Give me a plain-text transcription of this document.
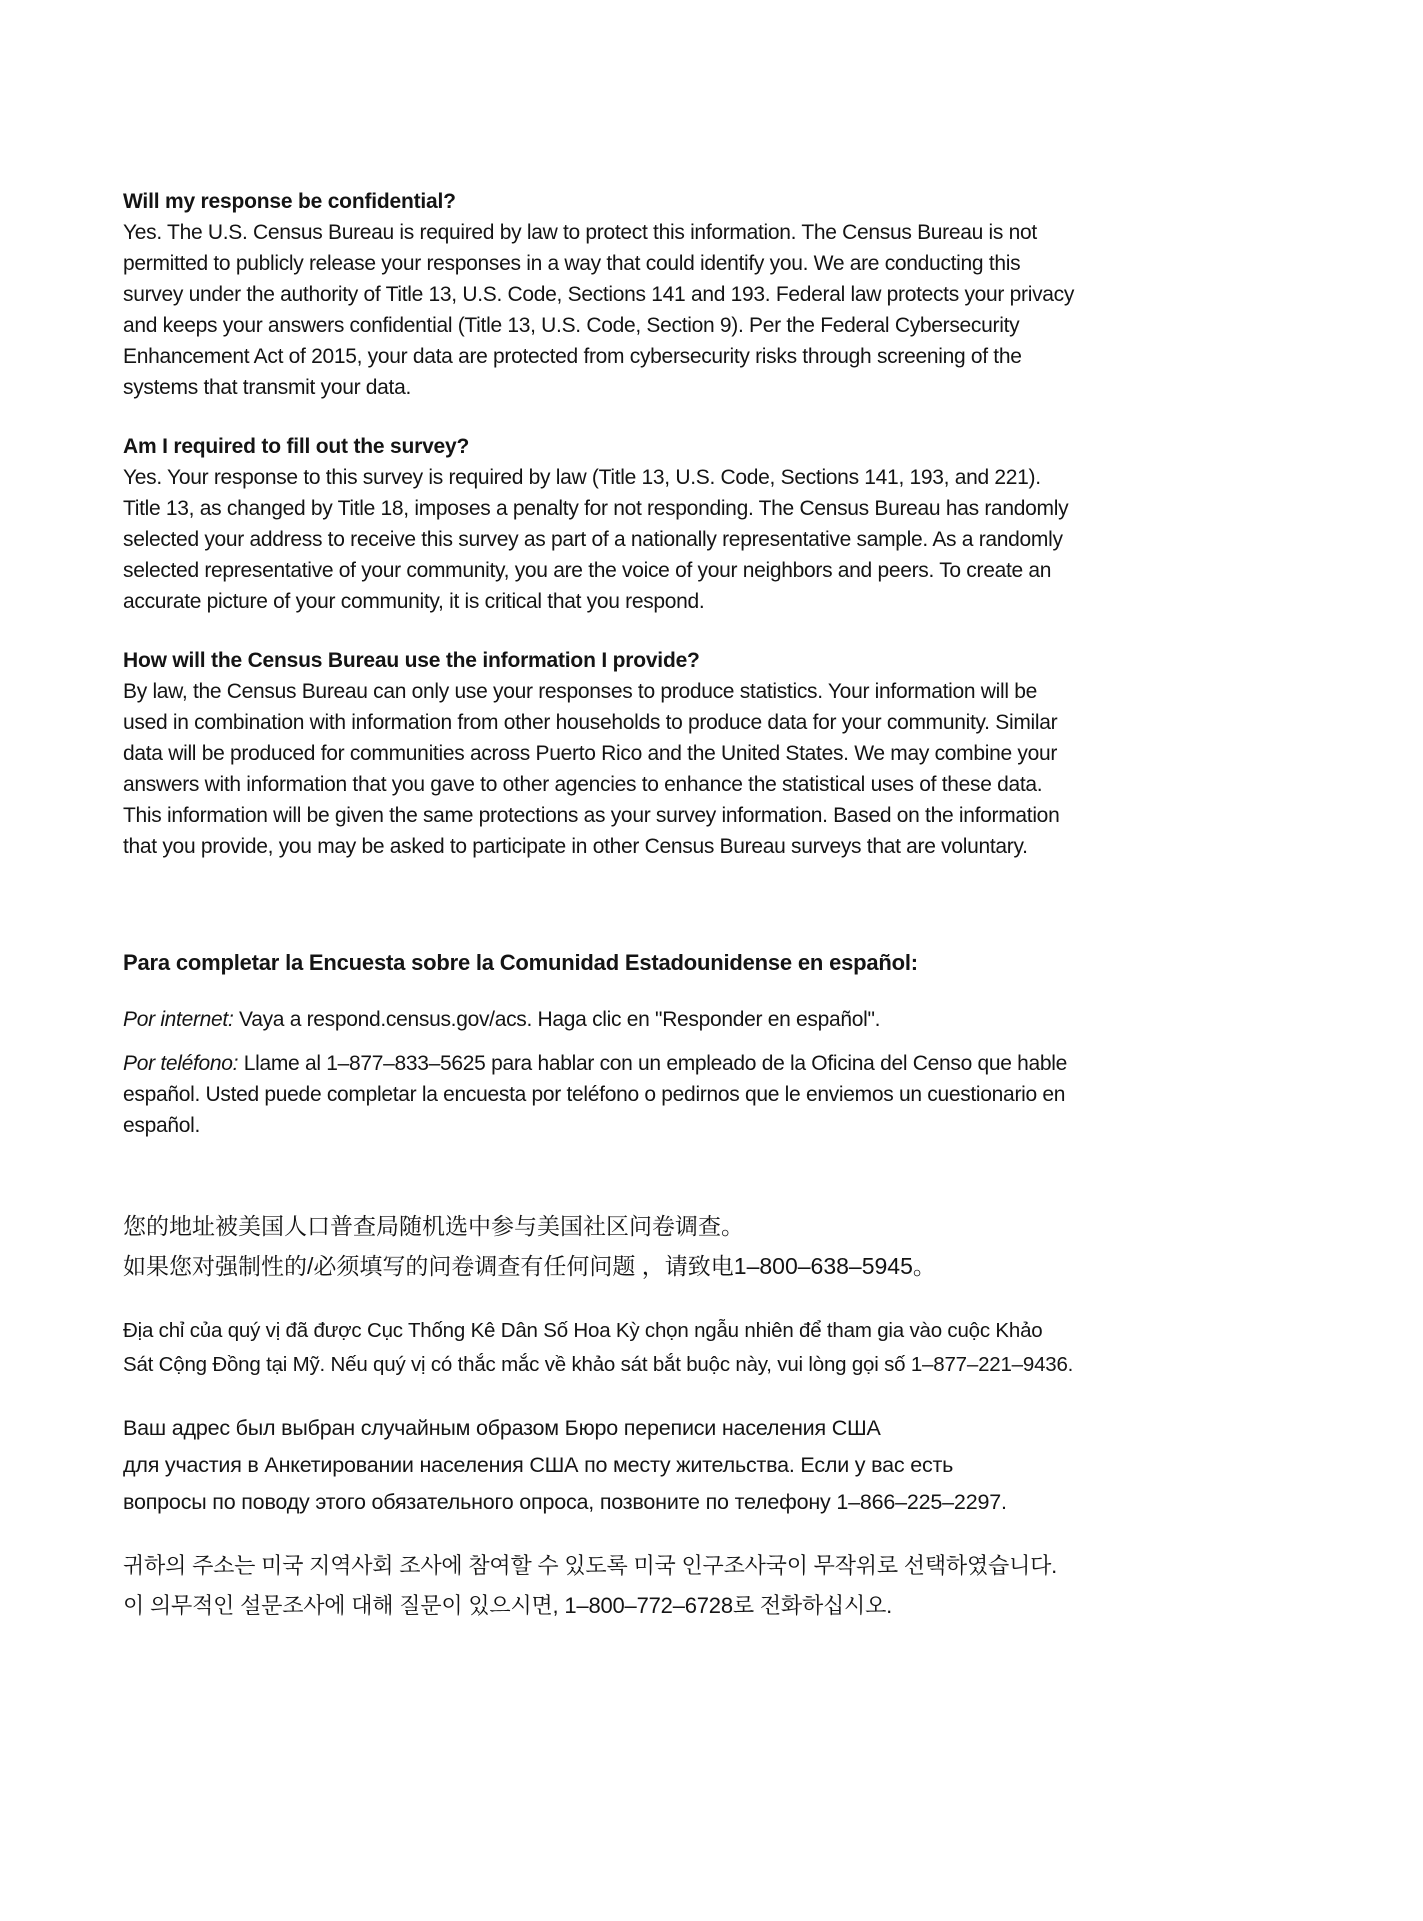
Will my response be confidential?

Yes. The U.S. Census Bureau is required by law to protect this information. The Census Bureau is not permitted to publicly release your responses in a way that could identify you. We are conducting this survey under the authority of Title 13, U.S. Code, Sections 141 and 193. Federal law protects your privacy and keeps your answers confidential (Title 13, U.S. Code, Section 9). Per the Federal Cybersecurity Enhancement Act of 2015, your data are protected from cybersecurity risks through screening of the systems that transmit your data.

Am I required to fill out the survey?

Yes. Your response to this survey is required by law (Title 13, U.S. Code, Sections 141, 193, and 221). Title 13, as changed by Title 18, imposes a penalty for not responding. The Census Bureau has randomly selected your address to receive this survey as part of a nationally representative sample. As a randomly selected representative of your community, you are the voice of your neighbors and peers. To create an accurate picture of your community, it is critical that you respond.

How will the Census Bureau use the information I provide?

By law, the Census Bureau can only use your responses to produce statistics. Your information will be used in combination with information from other households to produce data for your community. Similar data will be produced for communities across Puerto Rico and the United States. We may combine your answers with information that you gave to other agencies to enhance the statistical uses of these data. This information will be given the same protections as your survey information. Based on the information that you provide, you may be asked to participate in other Census Bureau surveys that are voluntary.

Para completar la Encuesta sobre la Comunidad Estadounidense en español:

Por internet: Vaya a respond.census.gov/acs. Haga clic en "Responder en español".

Por teléfono: Llame al 1–877–833–5625 para hablar con un empleado de la Oficina del Censo que hable español. Usted puede completar la encuesta por teléfono o pedirnos que le enviemos un cuestionario en español.

您的地址被美国人口普查局随机选中参与美国社区问卷调查。
如果您对强制性的/必须填写的问卷调查有任何问题 ，请致电1–800–638–5945。

Địa chỉ của quý vị đã được Cục Thống Kê Dân Số Hoa Kỳ chọn ngẫu nhiên để tham gia vào cuộc Khảo
Sát Cộng Đồng tại Mỹ. Nếu quý vị có thắc mắc về khảo sát bắt buộc này, vui lòng gọi số 1–877–221–9436.

Ваш адрес был выбран случайным образом Бюро переписи населения США
для участия в Анкетировании населения США по месту жительства. Если у вас есть
вопросы по поводу этого обязательного опроса, позвоните по телефону 1–866–225–2297.

귀하의 주소는 미국 지역사회 조사에 참여할 수 있도록 미국 인구조사국이 무작위로 선택하였습니다.
이 의무적인 설문조사에 대해 질문이 있으시면, 1–800–772–6728로 전화하십시오.
